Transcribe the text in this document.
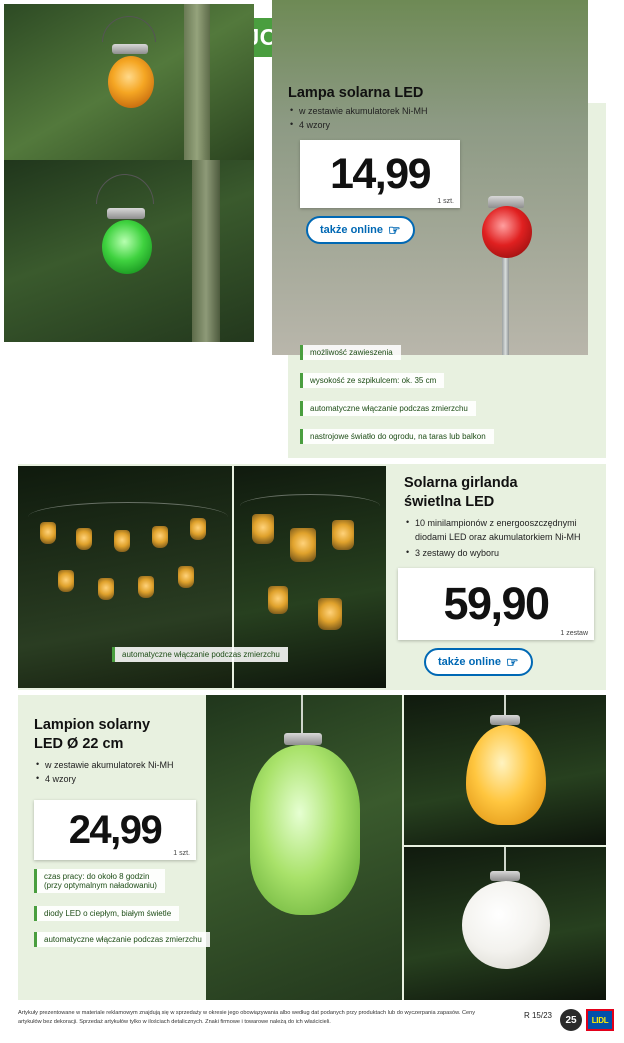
Lampa solarna LED
• w zestawie akumulatorek Ni-MH
• 4 wzory
14,99
1 szt.
także online ☞
możliwość zawieszenia
wysokość ze szpikulcem: ok. 35 cm
automatyczne włączanie podczas zmierzchu
nastrojowe światło do ogrodu, na taras lub balkon
Solarna girlanda
świetlna LED
• 10 minilampionów z energooszczędnymi diodami LED oraz akumulatorkiem Ni-MH
• 3 zestawy do wyboru
59,90
1 zestaw
także online ☞
automatyczne włączanie podczas zmierzchu
Lampion solarny
LED Ø 22 cm
• w zestawie akumulatorek Ni-MH
• 4 wzory
24,99
1 szt.
czas pracy: do około 8 godzin
(przy optymalnym naładowaniu)
diody LED o ciepłym, białym świetle
automatyczne włączanie podczas zmierzchu
Artykuły prezentowane w materiale reklamowym znajdują się w sprzedaży w okresie jego obowiązywania albo według dat podanych przy produktach lub do wyczerpania zapasów. Ceny artykułów bez dekoracji. Sprzedaż artykułów tylko w ilościach detalicznych. Znaki firmowe i towarowe należą do ich właścicieli.
R 15/23	25	LIDL
